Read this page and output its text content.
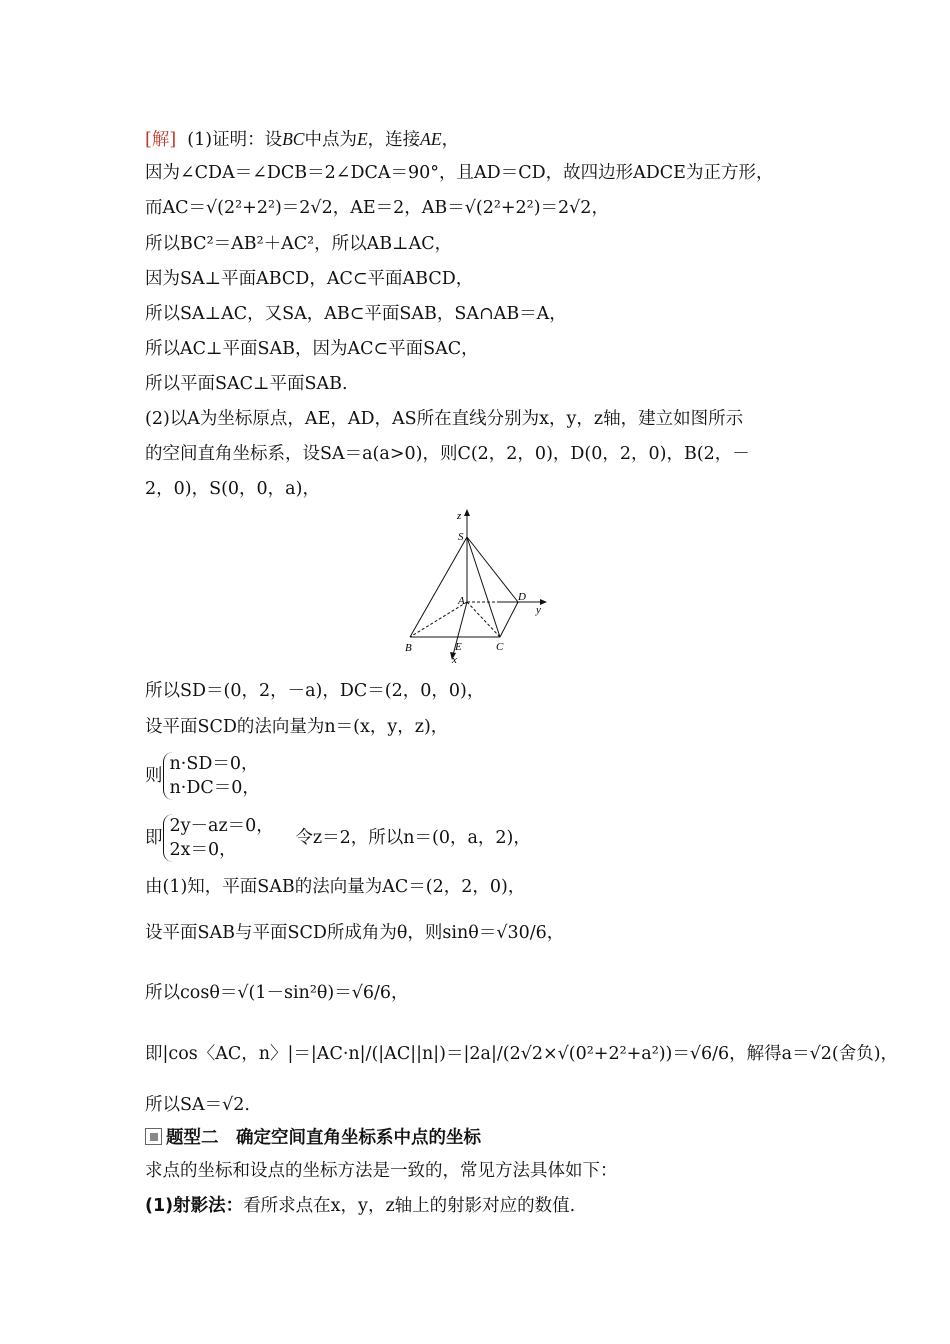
[解] (1)证明：设BC中点为E，连接AE，
因为∠CDA＝∠DCB＝2∠DCA＝90°，且AD＝CD，故四边形ADCE为正方形，
而AC＝√(2²+2²)＝2√2，AE＝2，AB＝√(2²+2²)＝2√2，
所以BC²＝AB²＋AC²，所以AB⊥AC，
因为SA⊥平面ABCD，AC⊂平面ABCD，
所以SA⊥AC，又SA，AB⊂平面SAB，SA∩AB＝A，
所以AC⊥平面SAB，因为AC⊂平面SAC，
所以平面SAC⊥平面SAB.
(2)以A为坐标原点，AE，AD，AS所在直线分别为x，y，z轴，建立如图所示
的空间直角坐标系，设SA＝a(a>0)，则C(2，2，0)，D(0，2，0)，B(2，－
2，0)，S(0，0，a)，
z
S
A	D
y
B	E	C
x
所以SD＝(0，2，－a)，DC＝(2，0，0)，
设平面SCD的法向量为n＝(x，y，z)，
则
n·SD＝0，
n·DC＝0，
即
2y－az＝0，
2x＝0，
令z＝2，所以n＝(0，a，2)，
由(1)知，平面SAB的法向量为AC＝(2，2，0)，
设平面SAB与平面SCD所成角为θ，则sinθ＝√30/6，
所以cosθ＝√(1－sin²θ)＝√6/6，
即|cos〈AC，n〉|＝|AC·n|/(|AC||n|)＝|2a|/(2√2×√(0²+2²+a²))＝√6/6，解得a＝√2(舍负)，
所以SA＝√2.
题型二　确定空间直角坐标系中点的坐标
求点的坐标和设点的坐标方法是一致的，常见方法具体如下：
(1)射影法：看所求点在x，y，z轴上的射影对应的数值.
